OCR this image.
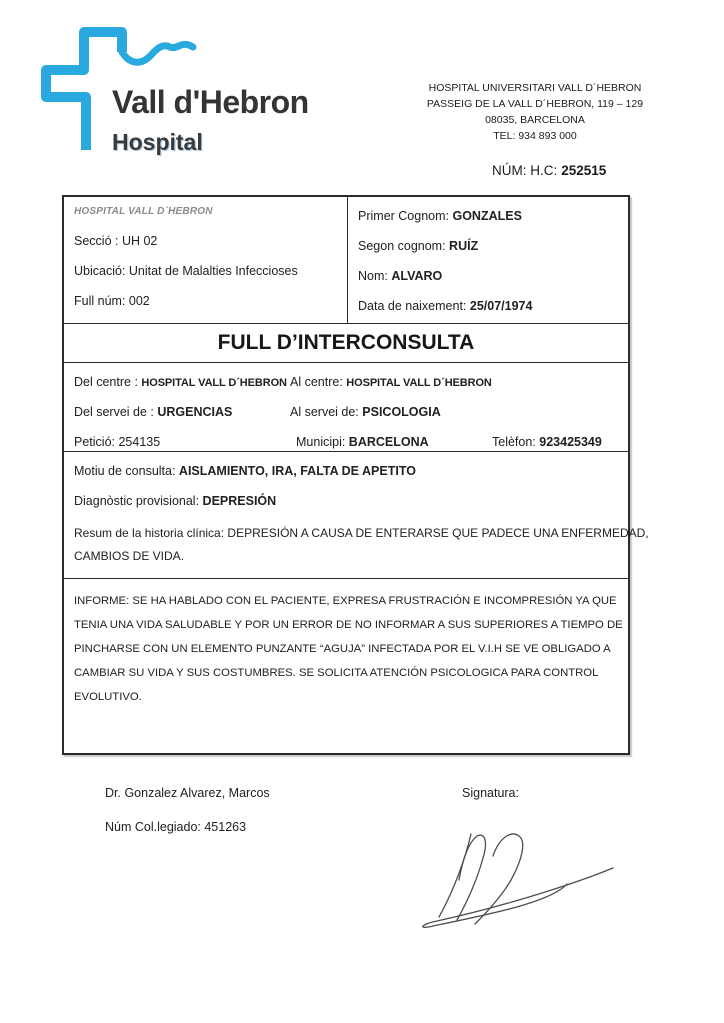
Vall d'Hebron
Hospital
HOSPITAL UNIVERSITARI VALL D´HEBRON
PASSEIG DE LA VALL D´HEBRON, 119 – 129
08035, BARCELONA
TEL: 934 893 000
NÚM: H.C: 252515
HOSPITAL VALL D´HEBRON
Secció : UH 02
Ubicació: Unitat de Malalties Infeccioses
Full núm: 002
Primer Cognom: GONZALES
Segon cognom: RUÍZ
Nom: ALVARO
Data de naixement: 25/07/1974
FULL D’INTERCONSULTA
Del centre : HOSPITAL VALL D´HEBRON Al centre: HOSPITAL VALL D´HEBRON
Del servei de : URGENCIAS	Al servei de: PSICOLOGIA
Petició: 254135	Municipi: BARCELONA	Telèfon: 923425349
Motiu de consulta: AISLAMIENTO, IRA, FALTA DE APETITO
Diagnòstic provisional: DEPRESIÓN
Resum de la historia clínica: DEPRESIÓN A CAUSA DE ENTERARSE QUE PADECE UNA ENFERMEDAD,
CAMBIOS DE VIDA.
INFORME: SE HA HABLADO CON EL PACIENTE, EXPRESA FRUSTRACIÓN E INCOMPRESIÓN YA QUE
TENIA UNA VIDA SALUDABLE Y POR UN ERROR DE NO INFORMAR A SUS SUPERIORES A TIEMPO DE
PINCHARSE CON UN ELEMENTO PUNZANTE “AGUJA” INFECTADA POR EL V.I.H SE VE OBLIGADO A
CAMBIAR SU VIDA Y SUS COSTUMBRES. SE SOLICITA ATENCIÓN PSICOLOGICA PARA CONTROL
EVOLUTIVO.
Dr. Gonzalez Alvarez, Marcos	Signatura:
Núm Col.legiado: 451263
